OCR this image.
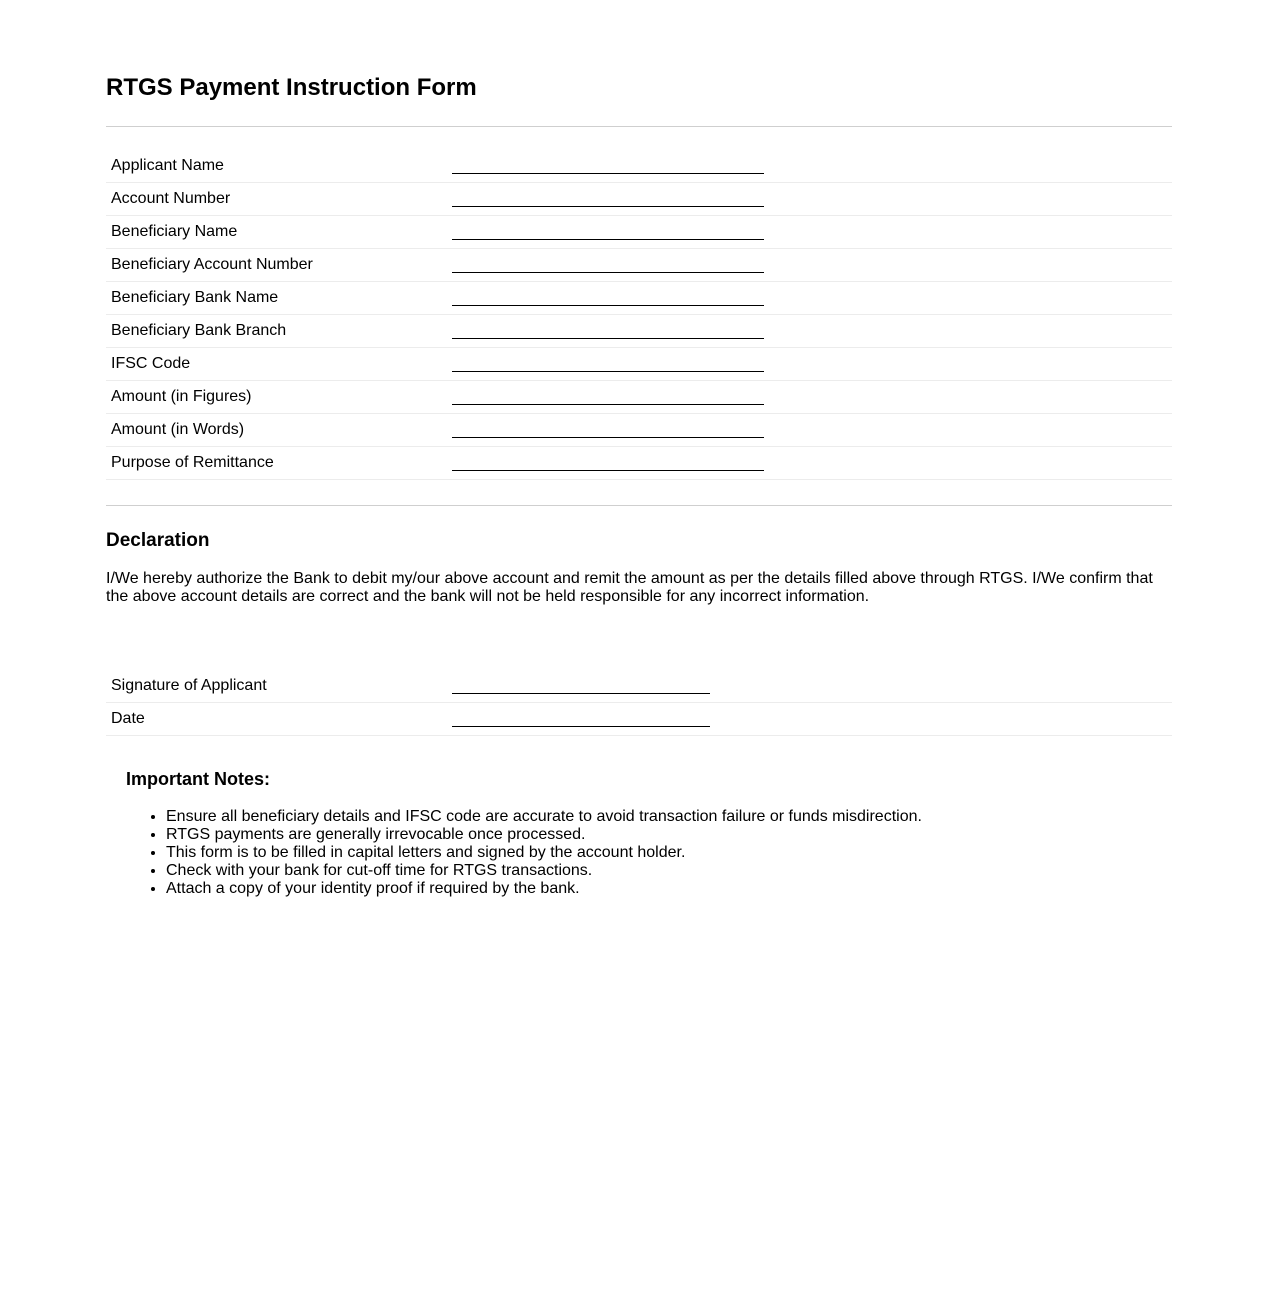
RTGS Payment Instruction Form
Applicant Name
Account Number
Beneficiary Name
Beneficiary Account Number
Beneficiary Bank Name
Beneficiary Bank Branch
IFSC Code
Amount (in Figures)
Amount (in Words)
Purpose of Remittance
Declaration

I/We hereby authorize the Bank to debit my/our above account and remit the amount as per the details filled above through RTGS. I/We confirm that the above account details are correct and the bank will not be held responsible for any incorrect information.

Signature of Applicant
Date
Important Notes:
• Ensure all beneficiary details and IFSC code are accurate to avoid transaction failure or funds misdirection.
• RTGS payments are generally irrevocable once processed.
• This form is to be filled in capital letters and signed by the account holder.
• Check with your bank for cut-off time for RTGS transactions.
• Attach a copy of your identity proof if required by the bank.
